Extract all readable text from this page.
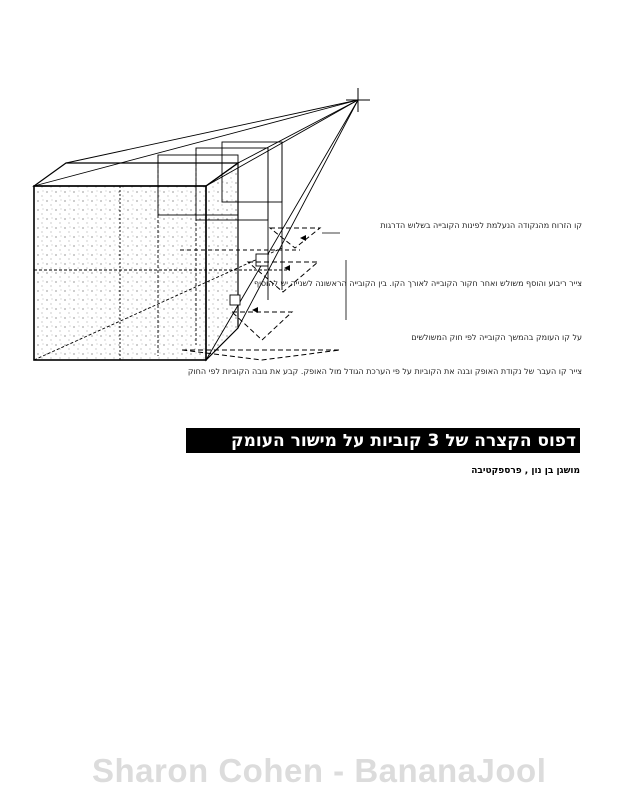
קו הזרוח מהנקודה הנעלמת לפינות הקובייה בשלוש הדרגות
צייר ריבוע והוסף משולש ואחר חקור הקובייה לאורך הקו. בין הקובייה הראשונה לשנייה יש להוסיף
על קו העומק בהמשך הקובייה לפי חוק המשולשים
צייר קו העבר של נקודת האופק ובנה את הקוביות על פי הערכת הגודל מול האופק. קבע את גובה הקוביות לפי החוק
דפוס הקצרה של 3 קוביות על מישור העומק
מושגן בן נון , פרספקטיבה
Sharon Cohen - BananaJool
